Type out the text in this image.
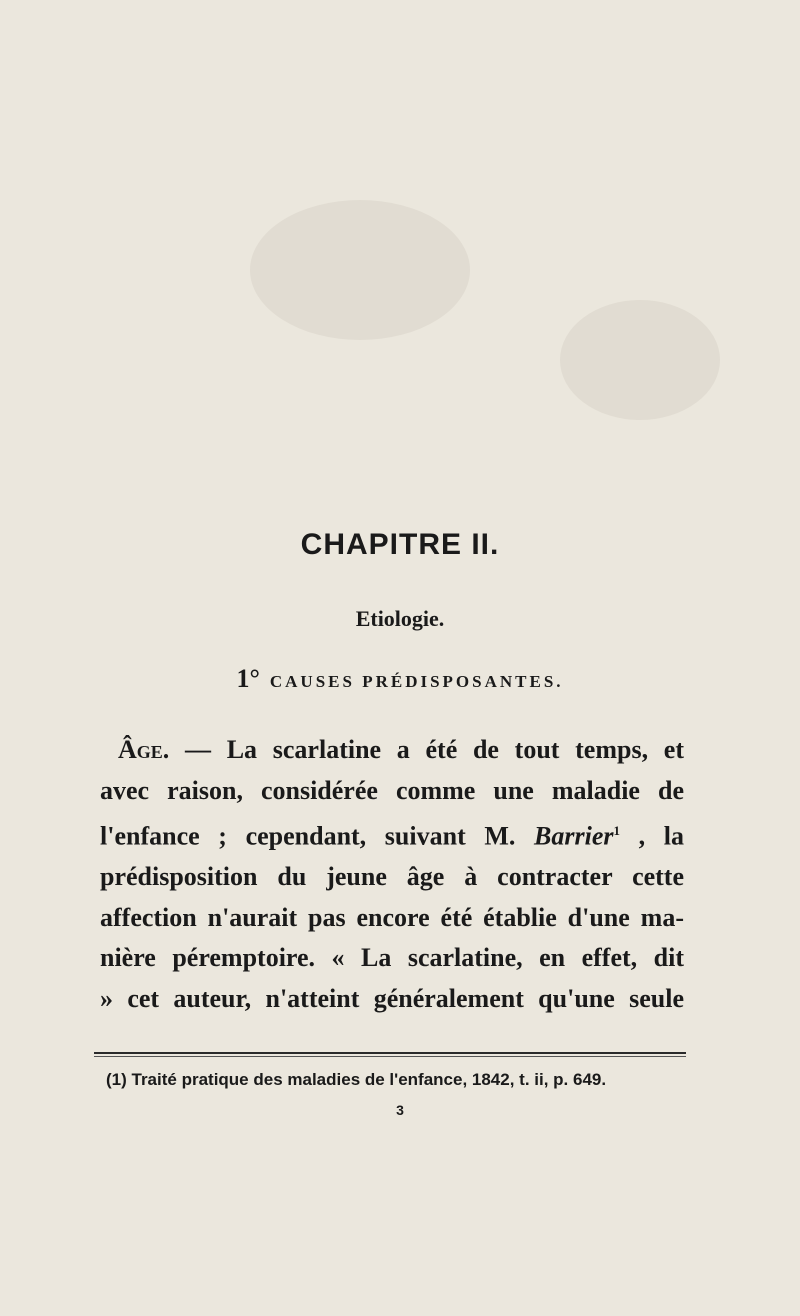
CHAPITRE II.
Etiologie.
1° CAUSES PRÉDISPOSANTES.
Âge. — La scarlatine a été de tout temps, et
avec raison, considérée comme une maladie de
l'enfance ; cependant, suivant M. Barrier$^1$ , la
prédisposition du jeune âge à contracter cette
affection n'aurait pas encore été établie d'une ma-
nière péremptoire. « La scarlatine, en effet, dit
» cet auteur, n'atteint généralement qu'une seule
(1) Traité pratique des maladies de l'enfance, 1842, t. ii, p. 649.
3
